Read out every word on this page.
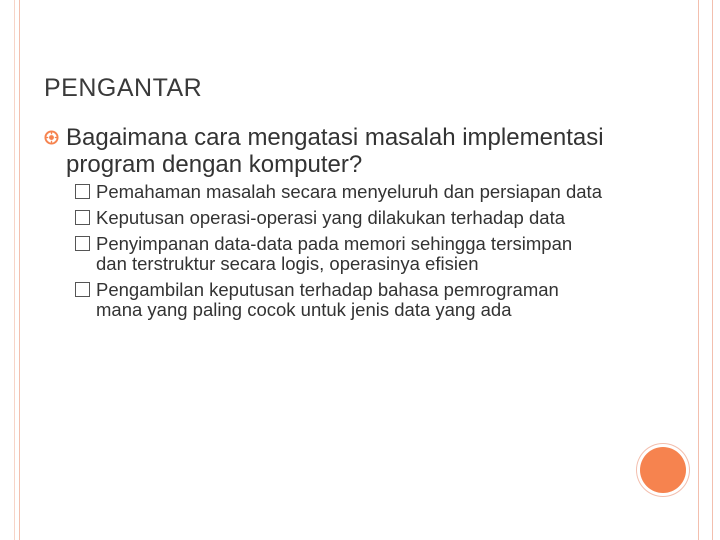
PENGANTAR
Bagaimana cara mengatasi masalah implementasi program dengan komputer?
Pemahaman masalah secara menyeluruh dan persiapan data
Keputusan operasi-operasi yang dilakukan terhadap data
Penyimpanan data-data pada memori sehingga tersimpan dan terstruktur secara logis, operasinya efisien
Pengambilan keputusan terhadap bahasa pemrograman mana yang paling cocok untuk jenis data yang ada
